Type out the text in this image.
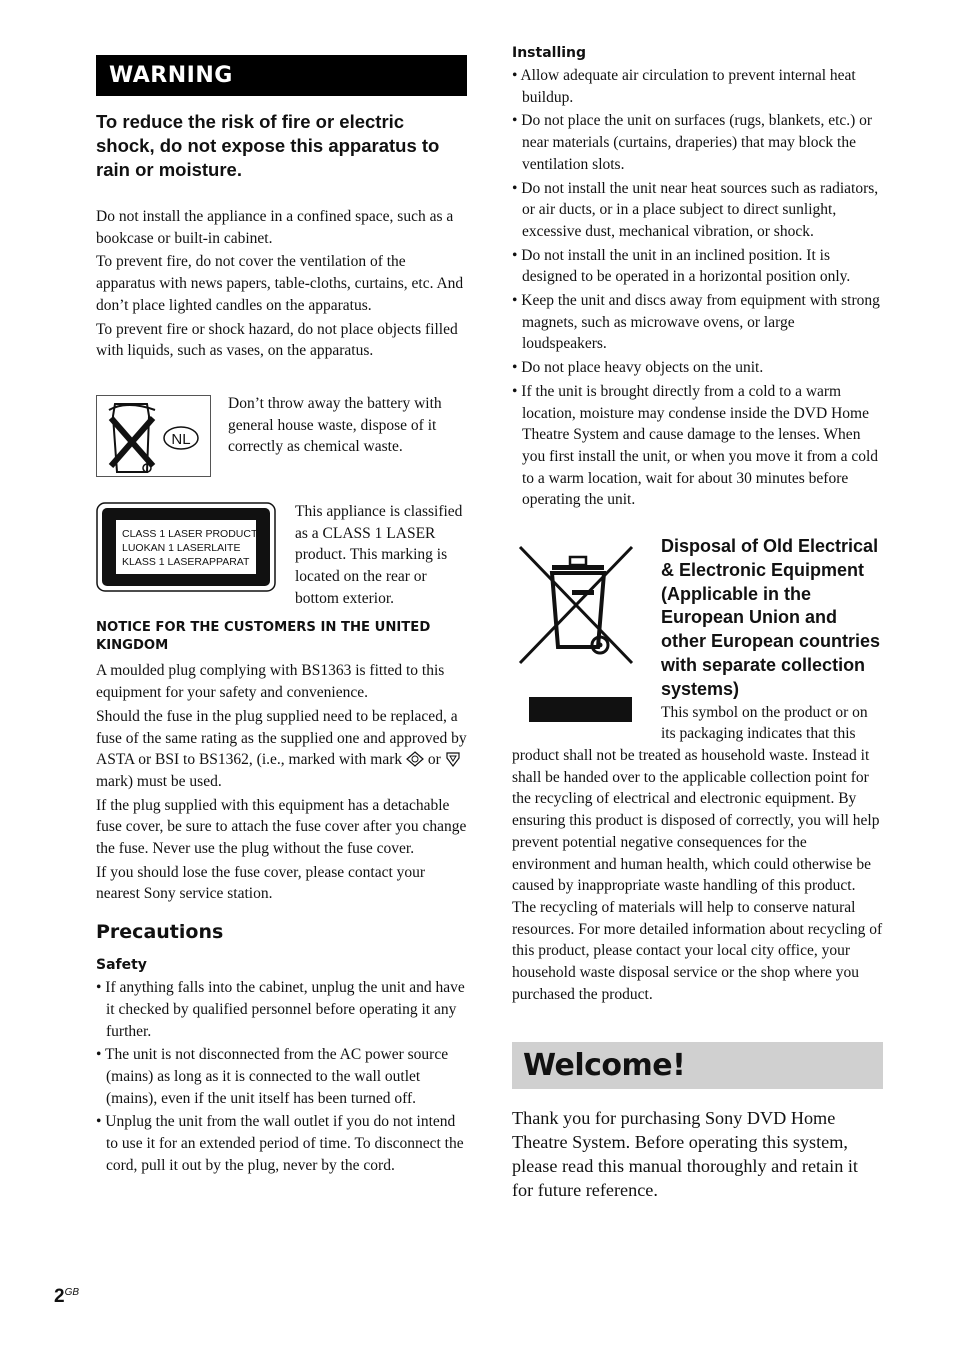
WARNING

To reduce the risk of fire or electric shock, do not expose this apparatus to rain or moisture.

Do not install the appliance in a confined space, such as a bookcase or built-in cabinet.

To prevent fire, do not cover the ventilation of the apparatus with news papers, table-cloths, curtains, etc. And don’t place lighted candles on the apparatus.

To prevent fire or shock hazard, do not place objects filled with liquids, such as vases, on the apparatus.

NL
Don’t throw away the battery with general house waste, dispose of it correctly as chemical waste.
CLASS 1 LASER PRODUCT
LUOKAN 1 LASERLAITE
KLASS 1 LASERAPPARAT
This appliance is classified as a CLASS 1 LASER product. This marking is located on the rear or bottom exterior.
NOTICE FOR THE CUSTOMERS IN THE UNITED KINGDOM

A moulded plug complying with BS1363 is fitted to this equipment for your safety and convenience.

Should the fuse in the plug supplied need to be replaced, a fuse of the same rating as the supplied one and approved by ASTA or BSI to BS1362, (i.e., marked with mark or  mark) must be used.

If the plug supplied with this equipment has a detachable fuse cover, be sure to attach the fuse cover after you change the fuse. Never use the plug without the fuse cover.

If you should lose the fuse cover, please contact your nearest Sony service station.

Precautions
Safety
• If anything falls into the cabinet, unplug the unit and have it checked by qualified personnel before operating it any further.
• The unit is not disconnected from the AC power source (mains) as long as it is connected to the wall outlet (mains), even if the unit itself has been turned off.
• Unplug the unit from the wall outlet if you do not intend to use it for an extended period of time. To disconnect the cord, pull it out by the plug, never by the cord.
Installing
• Allow adequate air circulation to prevent internal heat buildup.
• Do not place the unit on surfaces (rugs, blankets, etc.) or near materials (curtains, draperies) that may block the ventilation slots.
• Do not install the unit near heat sources such as radiators, or air ducts, or in a place subject to direct sunlight, excessive dust, mechanical vibration, or shock.
• Do not install the unit in an inclined position. It is designed to be operated in a horizontal position only.
• Keep the unit and discs away from equipment with strong magnets, such as microwave ovens, or large loudspeakers.
• Do not place heavy objects on the unit.
• If the unit is brought directly from a cold to a warm location, moisture may condense inside the DVD Home Theatre System and cause damage to the lenses. When you first install the unit, or when you move it from a cold to a warm location, wait for about 30 minutes before operating the unit.

Disposal of Old Electrical & Electronic Equipment (Applicable in the European Union and other European countries with separate collection systems)

This symbol on the product or on its packaging indicates that this product shall not be treated as household waste. Instead it shall be handed over to the applicable collection point for the recycling of electrical and electronic equipment. By ensuring this product is disposed of correctly, you will help prevent potential negative consequences for the environment and human health, which could otherwise be caused by inappropriate waste handling of this product. The recycling of materials will help to conserve natural resources. For more detailed information about recycling of this product, please contact your local city office, your household waste disposal service or the shop where you purchased the product.

Welcome!

Thank you for purchasing Sony DVD Home Theatre System. Before operating this system, please read this manual thoroughly and retain it for future reference.

$2^{GB}$
